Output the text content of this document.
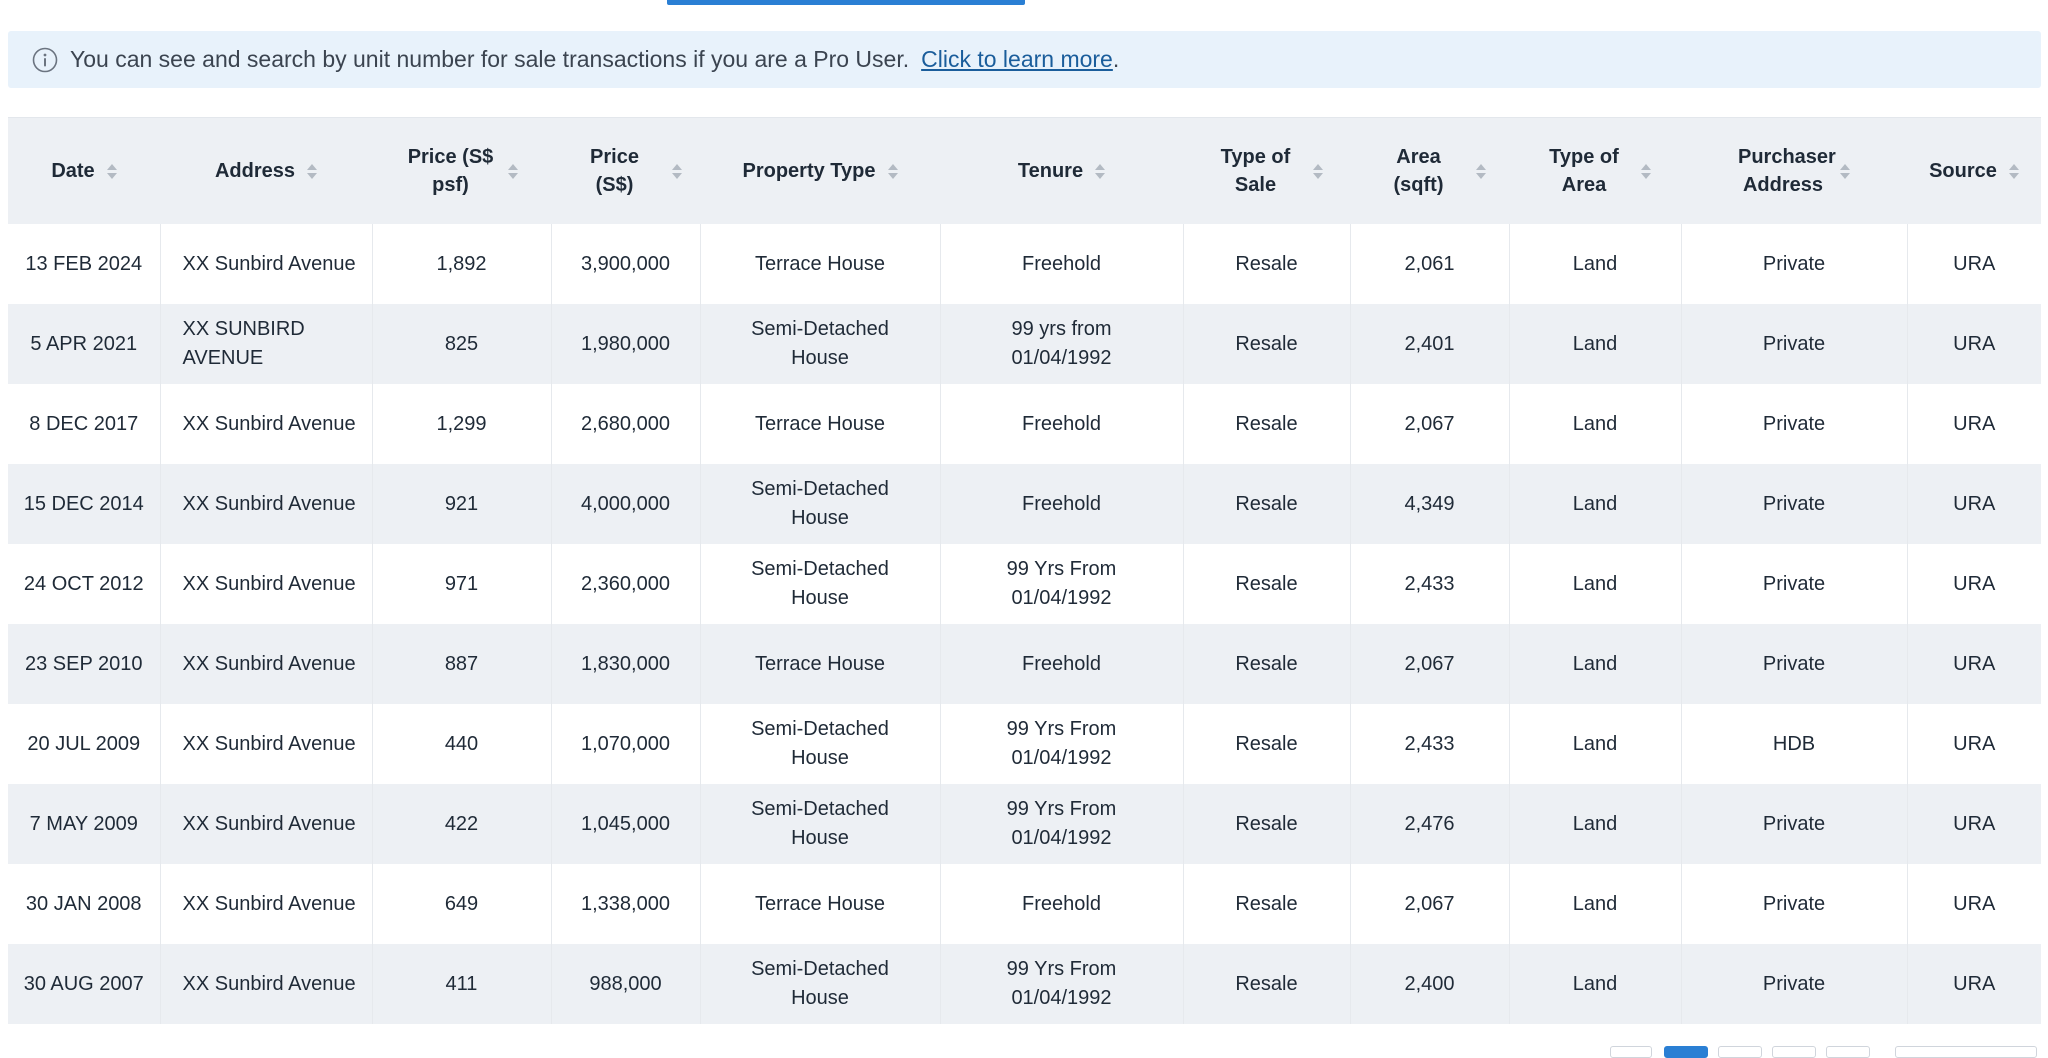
You can see and search by unit number for sale transactions if you are a Pro User. Click to learn more .
Date	Address	Price (S$ psf)	Price (S$)	Property Type	Tenure	Type of Sale	Area (sqft)	Type of Area	Purchaser Address	Source

13 FEB 2024	XX Sunbird Avenue	1,892	3,900,000	Terrace House	Freehold	Resale	2,061	Land	Private	URA
5 APR 2021	XX SUNBIRD AVENUE	825	1,980,000	Semi-Detached House	99 yrs from 01/04/1992	Resale	2,401	Land	Private	URA
8 DEC 2017	XX Sunbird Avenue	1,299	2,680,000	Terrace House	Freehold	Resale	2,067	Land	Private	URA
15 DEC 2014	XX Sunbird Avenue	921	4,000,000	Semi-Detached House	Freehold	Resale	4,349	Land	Private	URA
24 OCT 2012	XX Sunbird Avenue	971	2,360,000	Semi-Detached House	99 Yrs From 01/04/1992	Resale	2,433	Land	Private	URA
23 SEP 2010	XX Sunbird Avenue	887	1,830,000	Terrace House	Freehold	Resale	2,067	Land	Private	URA
20 JUL 2009	XX Sunbird Avenue	440	1,070,000	Semi-Detached House	99 Yrs From 01/04/1992	Resale	2,433	Land	HDB	URA
7 MAY 2009	XX Sunbird Avenue	422	1,045,000	Semi-Detached House	99 Yrs From 01/04/1992	Resale	2,476	Land	Private	URA
30 JAN 2008	XX Sunbird Avenue	649	1,338,000	Terrace House	Freehold	Resale	2,067	Land	Private	URA
30 AUG 2007	XX Sunbird Avenue	411	988,000	Semi-Detached House	99 Yrs From 01/04/1992	Resale	2,400	Land	Private	URA
